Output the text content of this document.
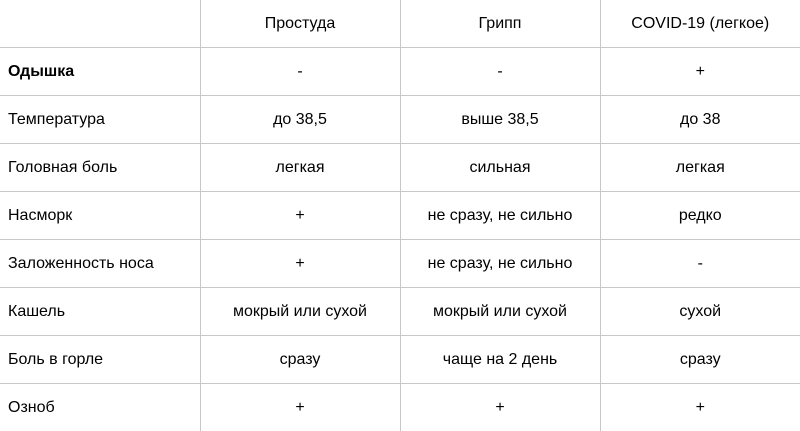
	Простуда	Грипп	COVID-19 (легкое)
Одышка	-	-	+
Температура	до 38,5	выше 38,5	до 38
Головная боль	легкая	сильная	легкая
Насморк	+	не сразу, не сильно	редко
Заложенность носа	+	не сразу, не сильно	-
Кашель	мокрый или сухой	мокрый или сухой	сухой
Боль в горле	сразу	чаще на 2 день	сразу
Озноб	+	+	+
